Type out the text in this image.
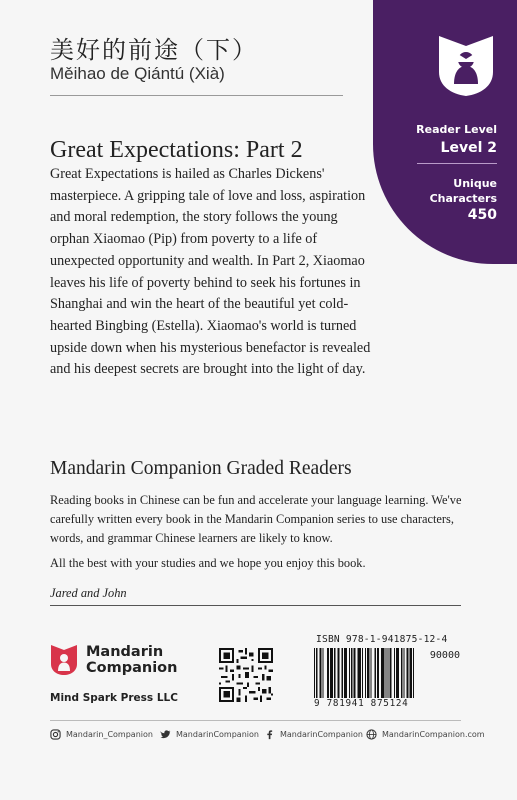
美好的前途（下）
Měihao de Qiántú (Xià)
Reader Level
Level 2
Unique
Characters
450
Great Expectations: Part 2

Great Expectations is hailed as Charles Dickens' masterpiece. A gripping tale of love and loss, aspiration and moral redemption, the story follows the young orphan Xiaomao (Pip) from poverty to a life of unexpected opportunity and wealth. In Part 2, Xiaomao leaves his life of poverty behind to seek his fortunes in Shanghai and win the heart of the beautiful yet cold-hearted Bingbing (Estella). Xiaomao's world is turned upside down when his mysterious benefactor is revealed and his deepest secrets are brought into the light of day.

Mandarin Companion Graded Readers

Reading books in Chinese can be fun and accelerate your language learning. We've carefully written every book in the Mandarin Companion series to use characters, words, and grammar Chinese learners are likely to know.

All the best with your studies and we hope you enjoy this book.

Jared and John
Mandarin
Companion
Mind Spark Press LLC
ISBN 978-1-941875-12-4
90000
9 781941 875124
Mandarin_Companion	MandarinCompanion	MandarinCompanion	MandarinCompanion.com
